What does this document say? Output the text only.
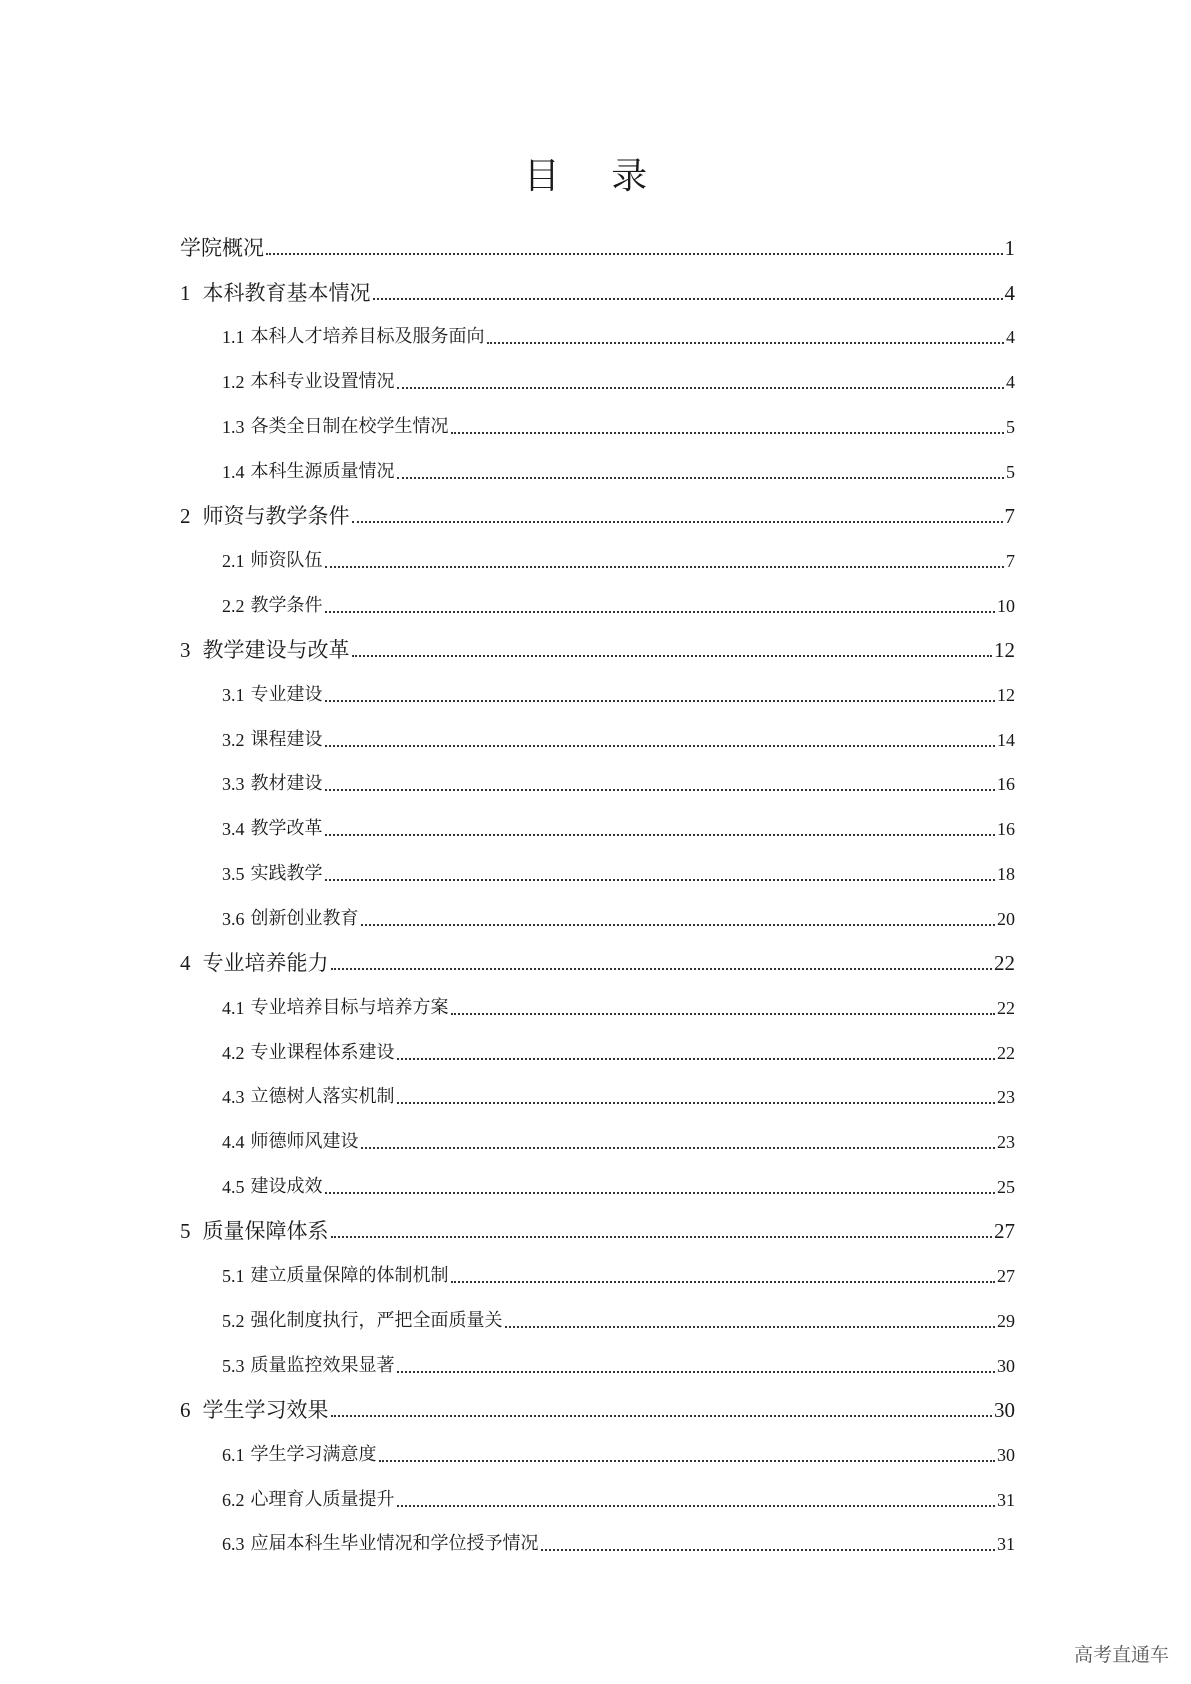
目 录
学院概况	1
1 本科教育基本情况	4
1.1 本科人才培养目标及服务面向	4
1.2 本科专业设置情况	4
1.3 各类全日制在校学生情况	5
1.4 本科生源质量情况	5
2 师资与教学条件	7
2.1 师资队伍	7
2.2 教学条件	10
3 教学建设与改革	12
3.1 专业建设	12
3.2 课程建设	14
3.3 教材建设	16
3.4 教学改革	16
3.5 实践教学	18
3.6 创新创业教育	20
4 专业培养能力	22
4.1 专业培养目标与培养方案	22
4.2 专业课程体系建设	22
4.3 立德树人落实机制	23
4.4 师德师风建设	23
4.5 建设成效	25
5 质量保障体系	27
5.1 建立质量保障的体制机制	27
5.2 强化制度执行，严把全面质量关	29
5.3 质量监控效果显著	30
6 学生学习效果	30
6.1 学生学习满意度	30
6.2 心理育人质量提升	31
6.3 应届本科生毕业情况和学位授予情况	31
高考直通车
